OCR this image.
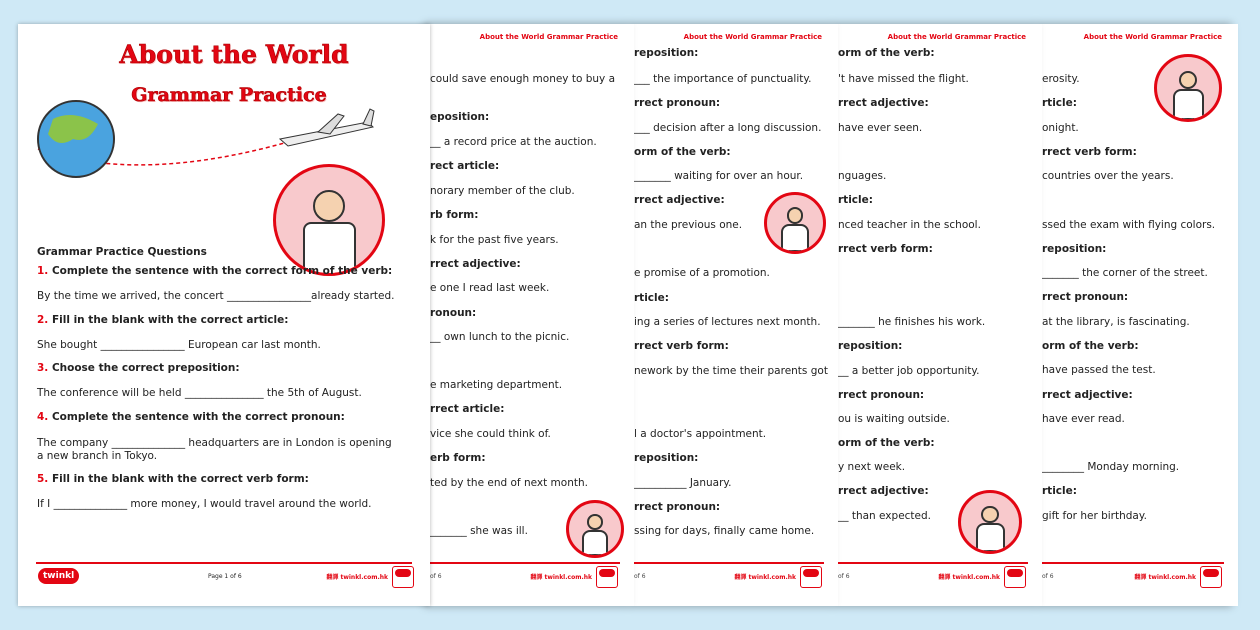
About the World
Grammar Practice
Grammar Practice Questions
1. Complete the sentence with the correct form of the verb:
By the time we arrived, the concert ________________already started.
2. Fill in the blank with the correct article:
She bought ________________ European car last month.
3. Choose the correct preposition:
The conference will be held _______________ the 5th of August.
4. Complete the sentence with the correct pronoun:
The company ______________ headquarters are in London is opening
a new branch in Tokyo.
5. Fill in the blank with the correct verb form:
If I ______________ more money, I would travel around the world.
twinkl	Page 1 of 6	翻譯 twinkl.com.hk
About the World Grammar Practice
could save enough money to buy a
eposition:
__ a record price at the auction.
rect article:
norary member of the club.
rb form:
k for the past five years.
rrect adjective:
e one I read last week.
ronoun:
__ own lunch to the picnic.
e marketing department.
rrect article:
vice she could think of.
erb form:
ted by the end of next month.
_______ she was ill.
of 6	翻譯 twinkl.com.hk
About the World Grammar Practice
reposition:
___ the importance of punctuality.
rrect pronoun:
___ decision after a long discussion.
orm of the verb:
_______ waiting for over an hour.
rrect adjective:
an the previous one.
e promise of a promotion.
rticle:
ing a series of lectures next month.
rrect verb form:
nework by the time their parents got
l a doctor's appointment.
reposition:
__________ January.
rrect pronoun:
ssing for days, finally came home.
of 6	翻譯 twinkl.com.hk
About the World Grammar Practice
orm of the verb:
't have missed the flight.
rrect adjective:
have ever seen.
nguages.
rticle:
nced teacher in the school.
rrect verb form:
_______ he finishes his work.
reposition:
__ a better job opportunity.
rrect pronoun:
ou is waiting outside.
orm of the verb:
y next week.
rrect adjective:
__ than expected.
of 6	翻譯 twinkl.com.hk
About the World Grammar Practice
erosity.
rticle:
onight.
rrect verb form:
countries over the years.
ssed the exam with flying colors.
reposition:
_______ the corner of the street.
rrect pronoun:
at the library, is fascinating.
orm of the verb:
have passed the test.
rrect adjective:
have ever read.
________ Monday morning.
rticle:
gift for her birthday.
of 6	翻譯 twinkl.com.hk
